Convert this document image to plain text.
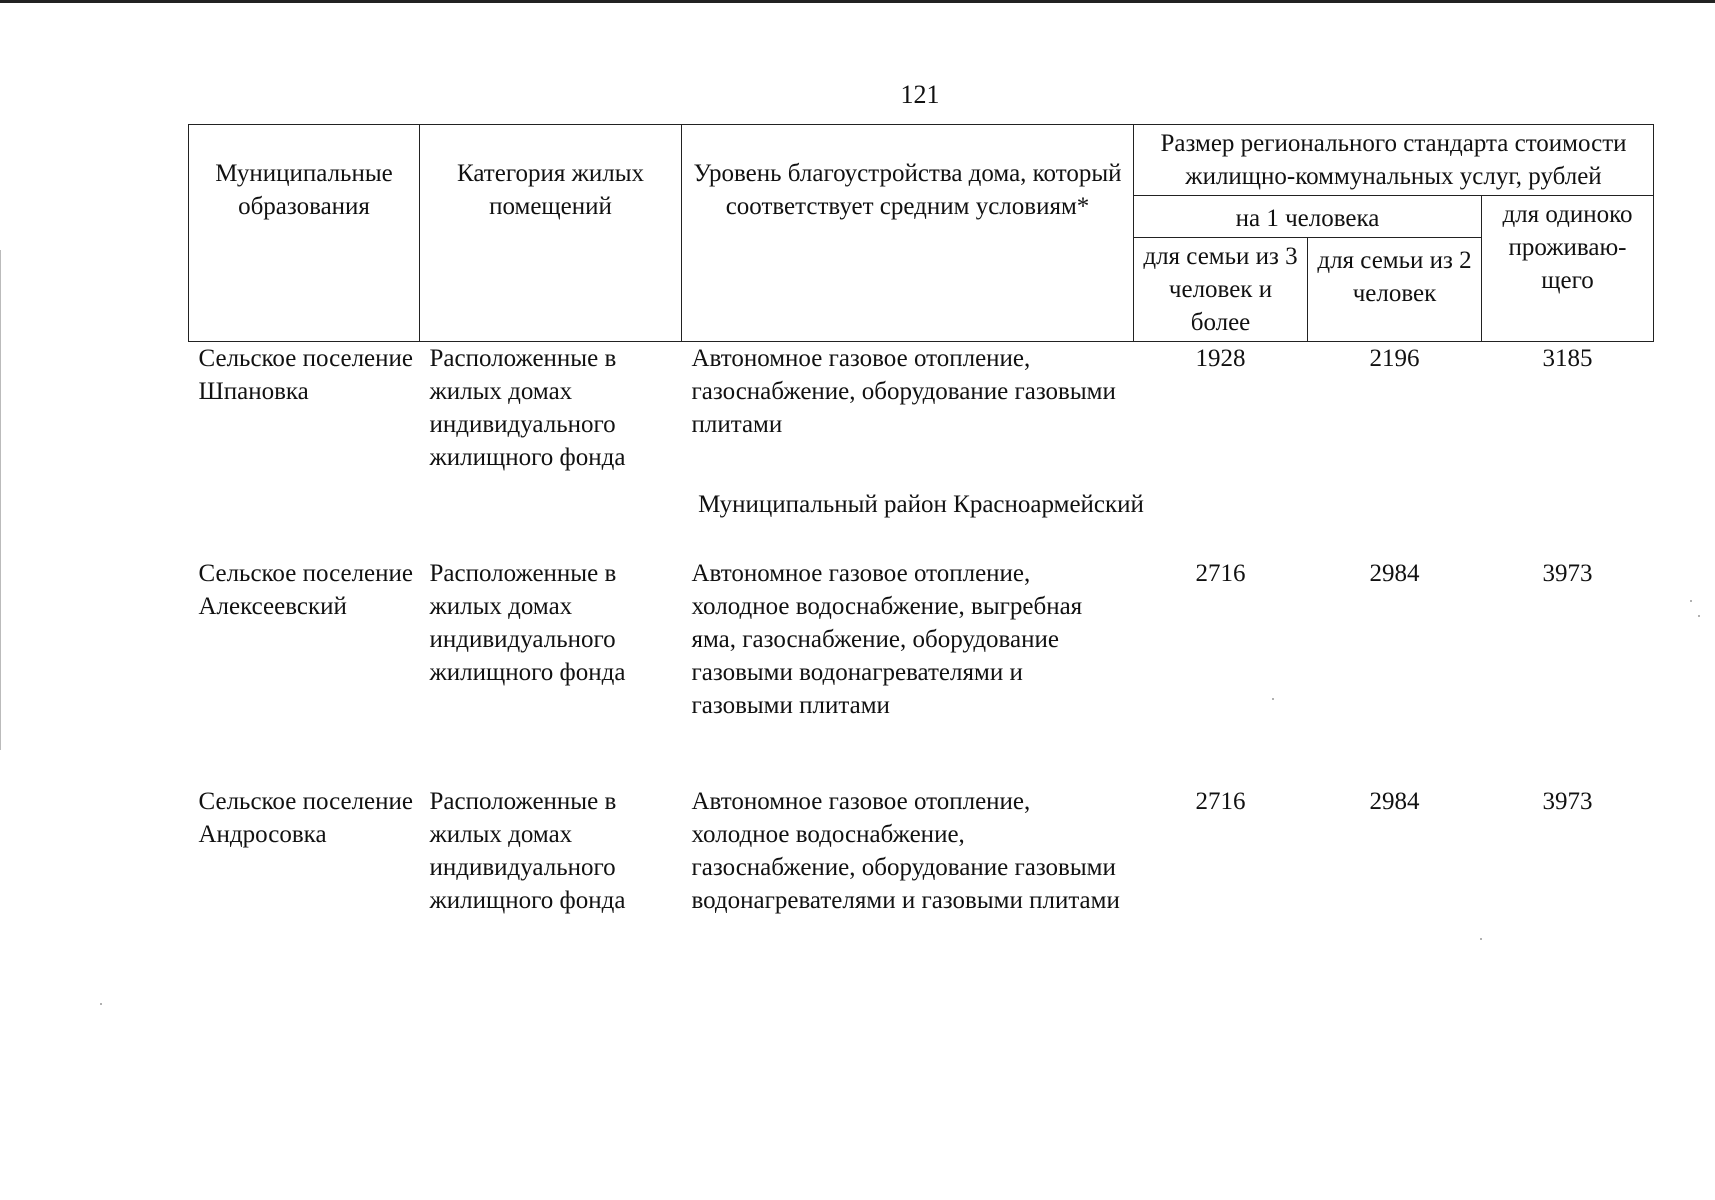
121
Муниципальные образования	Категория жилых помещений	Уровень благоустройства дома, который соответствует средним условиям*	Размер регионального стандарта стоимости жилищно-коммунальных услуг, рублей		
			на 1 человека		для одиноко проживаю-щего
			для семьи из 3 человек и более	для семьи из 2 человек	
Сельское поселение Шпановка	Расположенные в жилых домах индивидуального жилищного фонда	Автономное газовое отопление, газоснабжение, оборудование газовыми плитами	1928	2196	3185
Муниципальный район Красноармейский					
Сельское поселение Алексеевский	Расположенные в жилых домах индивидуального жилищного фонда	Автономное газовое отопление, холодное водоснабжение, выгребная яма, газоснабжение, оборудование газовыми водонагревателями и газовыми плитами	2716	2984	3973
Сельское поселение Андросовка	Расположенные в жилых домах индивидуального жилищного фонда	Автономное газовое отопление, холодное водоснабжение, газоснабжение, оборудование газовыми водонагревателями и газовыми плитами	2716	2984	3973
